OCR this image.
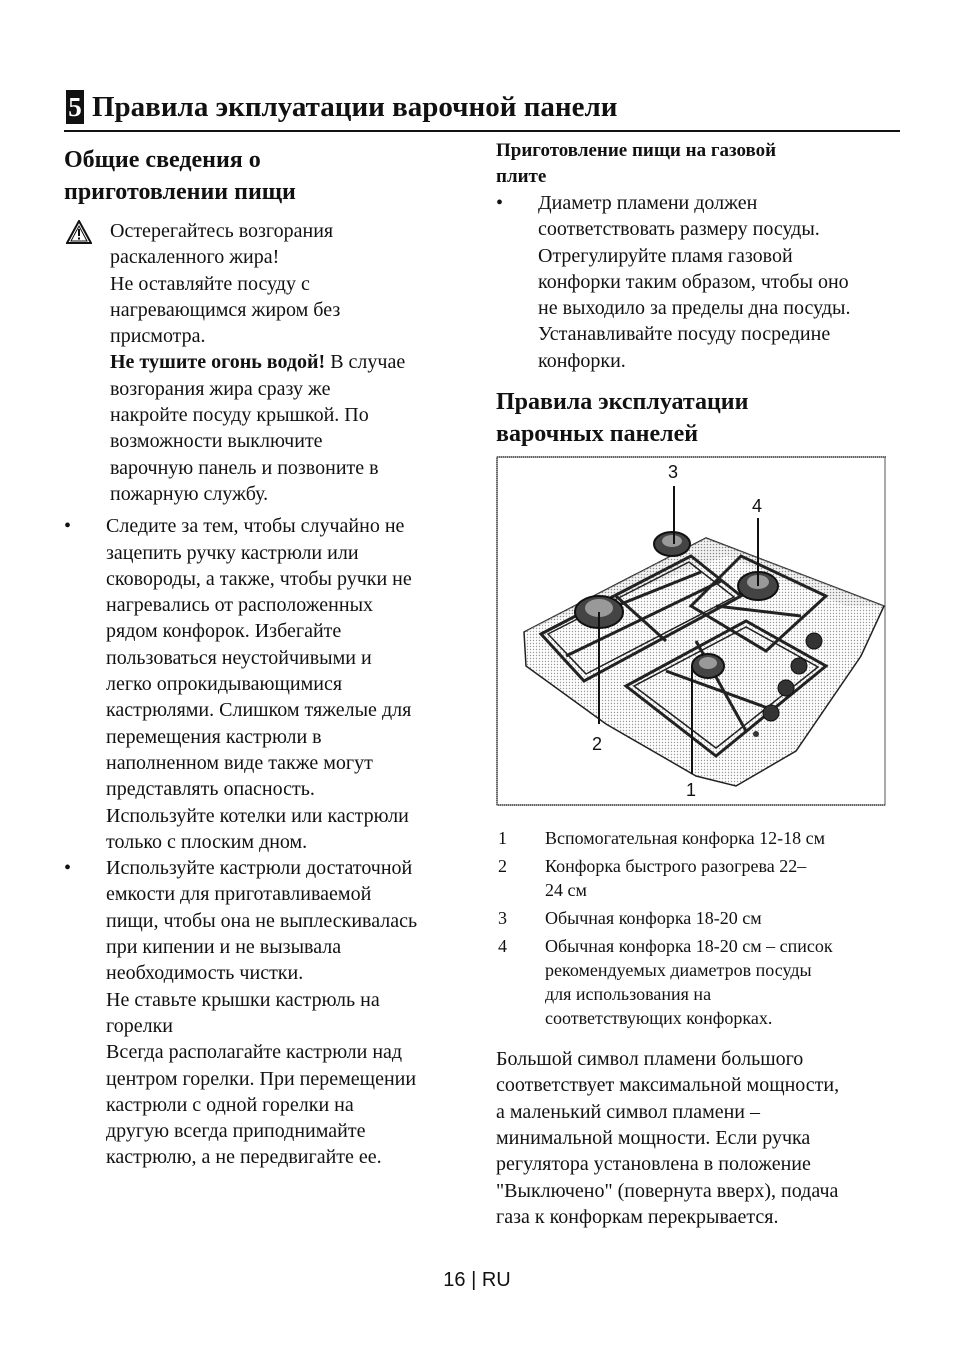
5 Правила экплуатации варочной панели
Общие сведения о
приготовлении пищи

Остерегайтесь возгорания

раскаленного жира!

Не оставляйте посуду с

нагревающимся жиром без

присмотра.

Не тушите огонь водой! В случае

возгорания жира сразу же

накройте посуду крышкой. По

возможности выключите

варочную панель и позвоните в

пожарную службу.

• Следите за тем, чтобы случайно не

зацепить ручку кастрюли или

сковороды, а также, чтобы ручки не

нагревались от расположенных

рядом конфорок. Избегайте

пользоваться неустойчивыми и

легко опрокидывающимися

кастрюлями. Слишком тяжелые для

перемещения кастрюли в

наполненном виде также могут

представлять опасность.

Используйте котелки или кастрюли

только с плоским дном.

• Используйте кастрюли достаточной

емкости для приготавливаемой

пищи, чтобы она не выплескивалась

при кипении и не вызывала

необходимость чистки.

Не ставьте крышки кастрюль на

горелки

Всегда располагайте кастрюли над

центром горелки. При перемещении

кастрюли с одной горелки на

другую всегда приподнимайте

кастрюлю, а не передвигайте ее.

Приготовление пищи на газовой
плите
• Диаметр пламени должен

соответствовать размеру посуды.

Отрегулируйте пламя газовой

конфорки таким образом, чтобы оно

не выходило за пределы дна посуды.

Устанавливайте посуду посредине

конфорки.

Правила эксплуатации
варочных панелей
1
2
3
4
1 Вспомогательная конфорка 12-18 см
2 Конфорка быстрого разогрева 22–
24 см
3 Обычная конфорка 18-20 см
4 Обычная конфорка 18-20 см – список
рекомендуемых диаметров посуды
для использования на
соответствующих конфорках.

Большой символ пламени большого

соответствует максимальной мощности,

а маленький символ пламени –

минимальной мощности. Если ручка

регулятора установлена в положение

"Выключено" (повернута вверх), подача

газа к конфоркам перекрывается.

16 | RU
